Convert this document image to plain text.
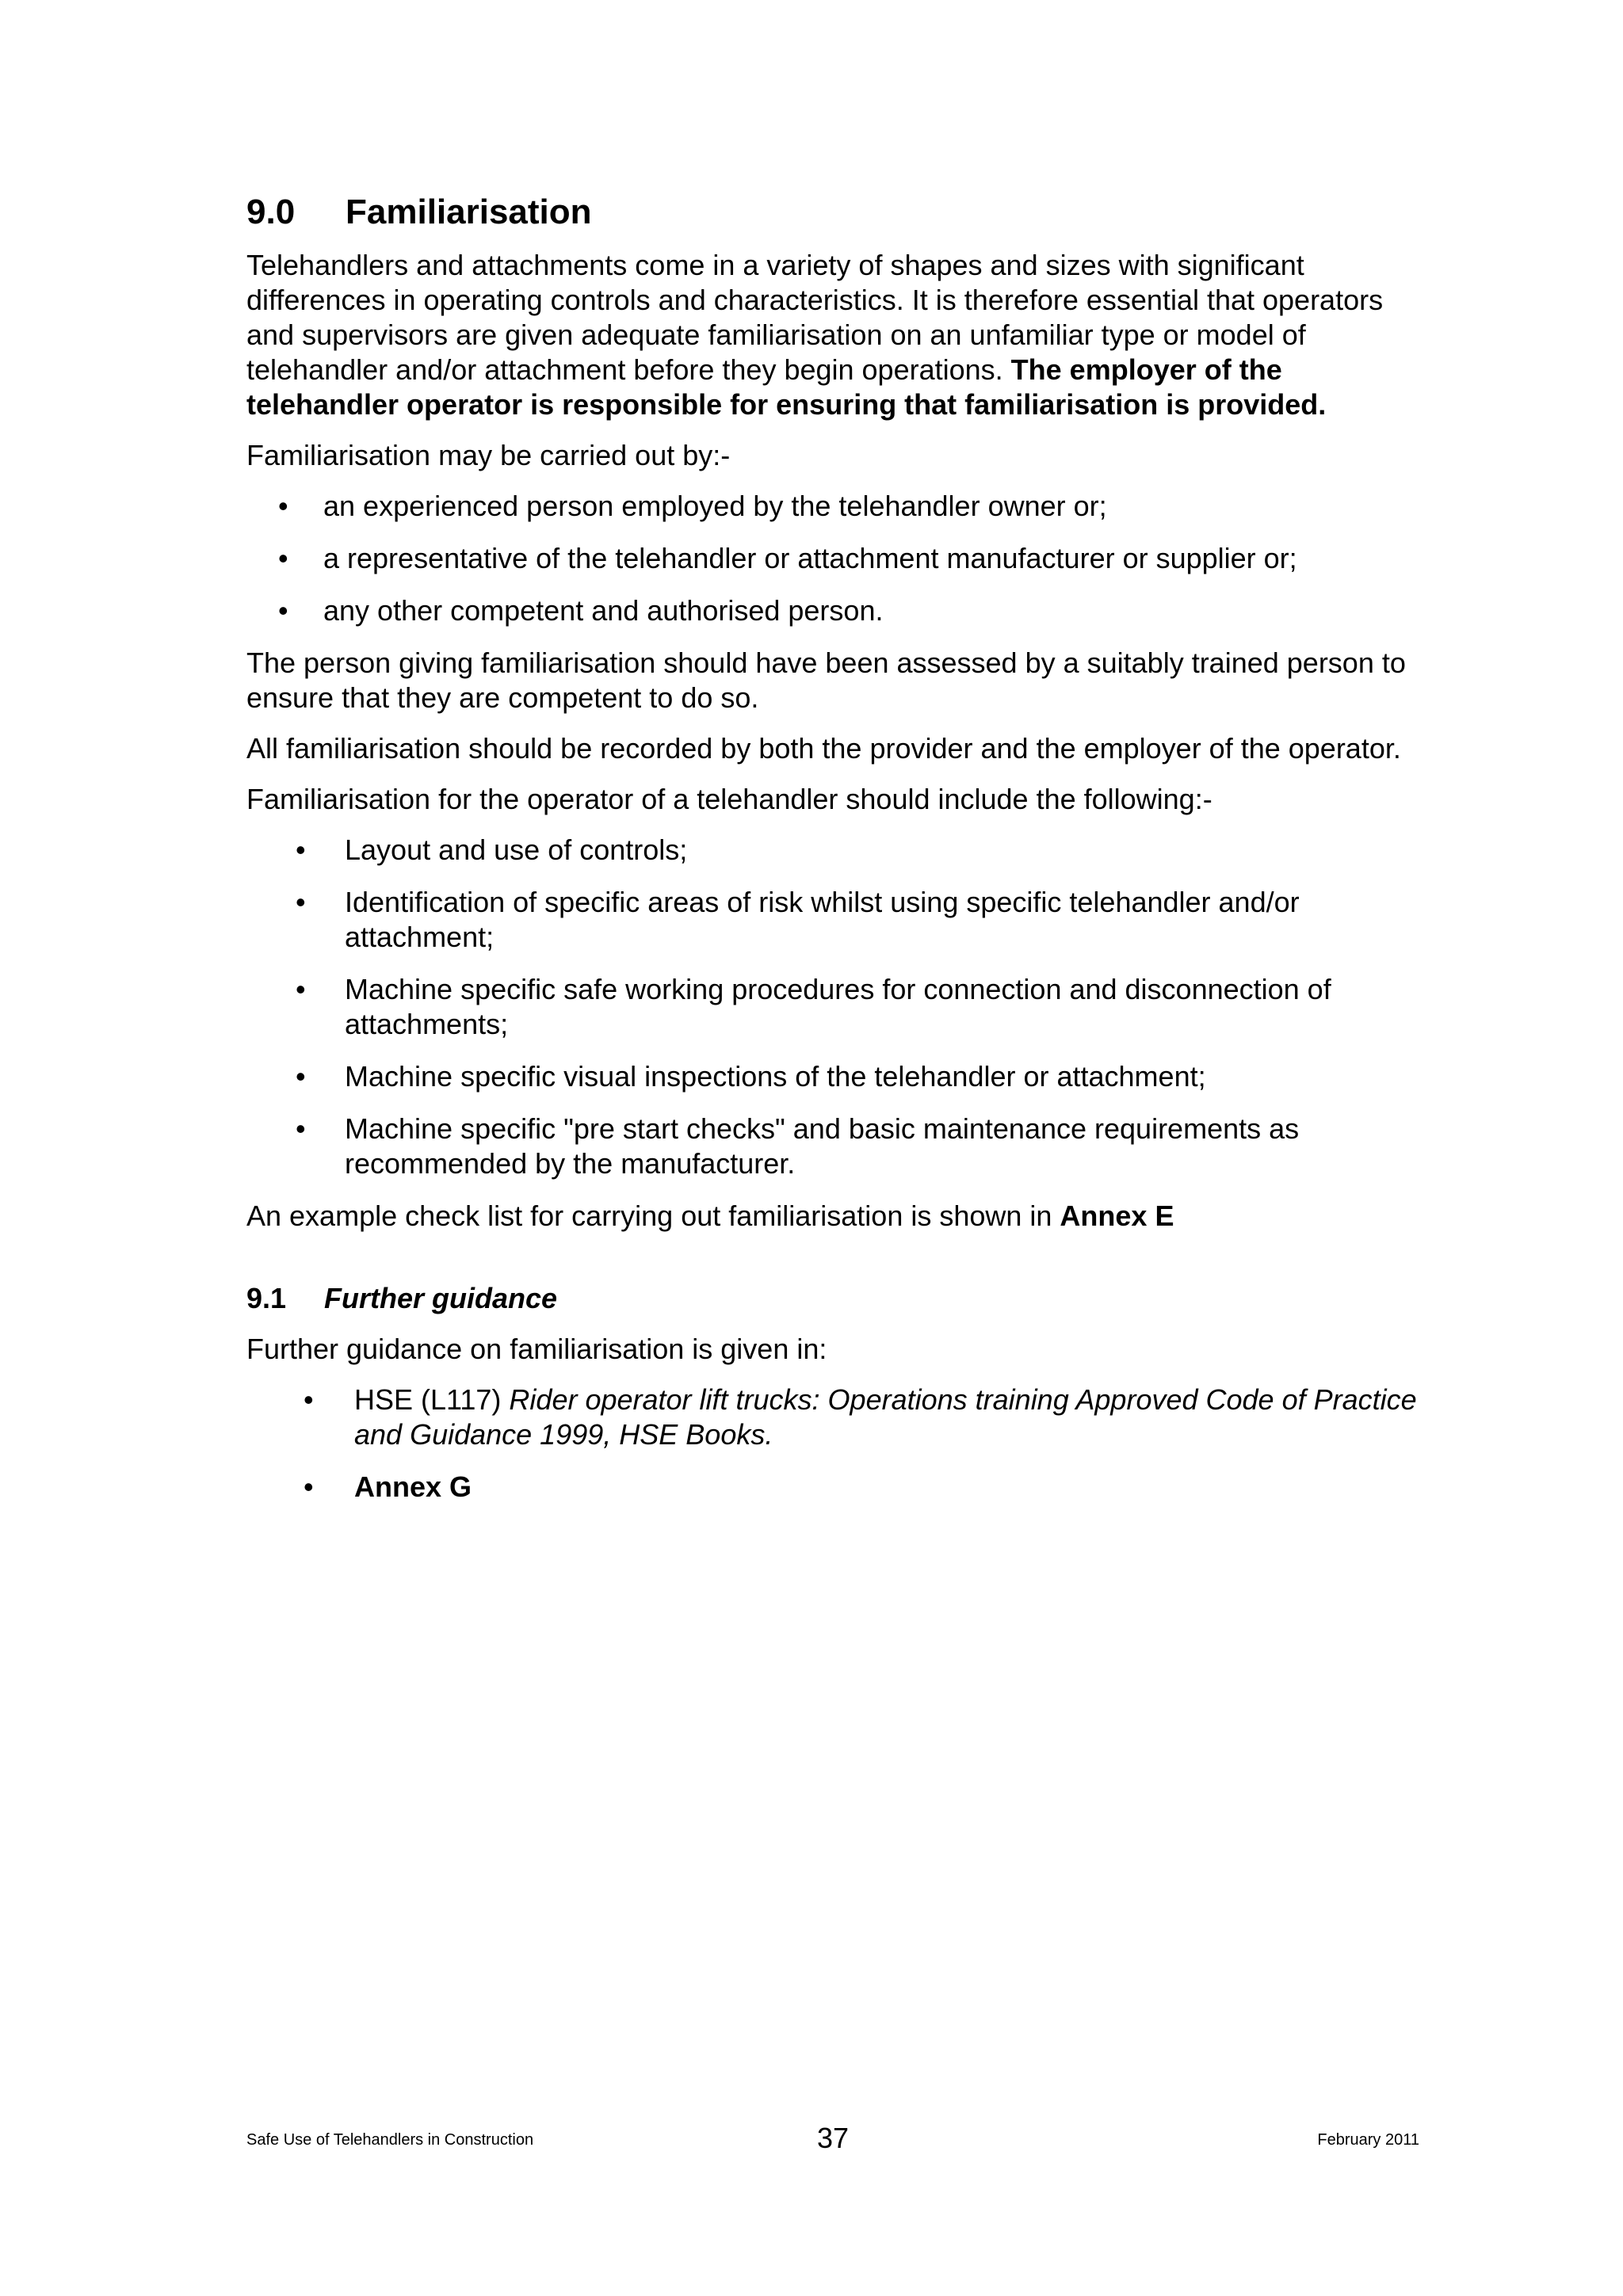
9.0 Familiarisation

Telehandlers and attachments come in a variety of shapes and sizes with significant differences in operating controls and characteristics. It is therefore essential that operators and supervisors are given adequate familiarisation on an unfamiliar type or model of telehandler and/or attachment before they begin operations. The employer of the telehandler operator is responsible for ensuring that familiarisation is provided.

Familiarisation may be carried out by:-

• an experienced person employed by the telehandler owner or;
• a representative of the telehandler or attachment manufacturer or supplier or;
• any other competent and authorised person.

The person giving familiarisation should have been assessed by a suitably trained person to ensure that they are competent to do so.

All familiarisation should be recorded by both the provider and the employer of the operator.

Familiarisation for the operator of a telehandler should include the following:-

• Layout and use of controls;
• Identification of specific areas of risk whilst using specific telehandler and/or attachment;
• Machine specific safe working procedures for connection and disconnection of attachments;
• Machine specific visual inspections of the telehandler or attachment;
• Machine specific "pre start checks" and basic maintenance requirements as recommended by the manufacturer.

An example check list for carrying out familiarisation is shown in Annex E

9.1 Further guidance

Further guidance on familiarisation is given in:

• HSE (L117) Rider operator lift trucks: Operations training Approved Code of Practice and Guidance 1999, HSE Books.
• Annex G
Safe Use of Telehandlers in Construction	37	February 2011
